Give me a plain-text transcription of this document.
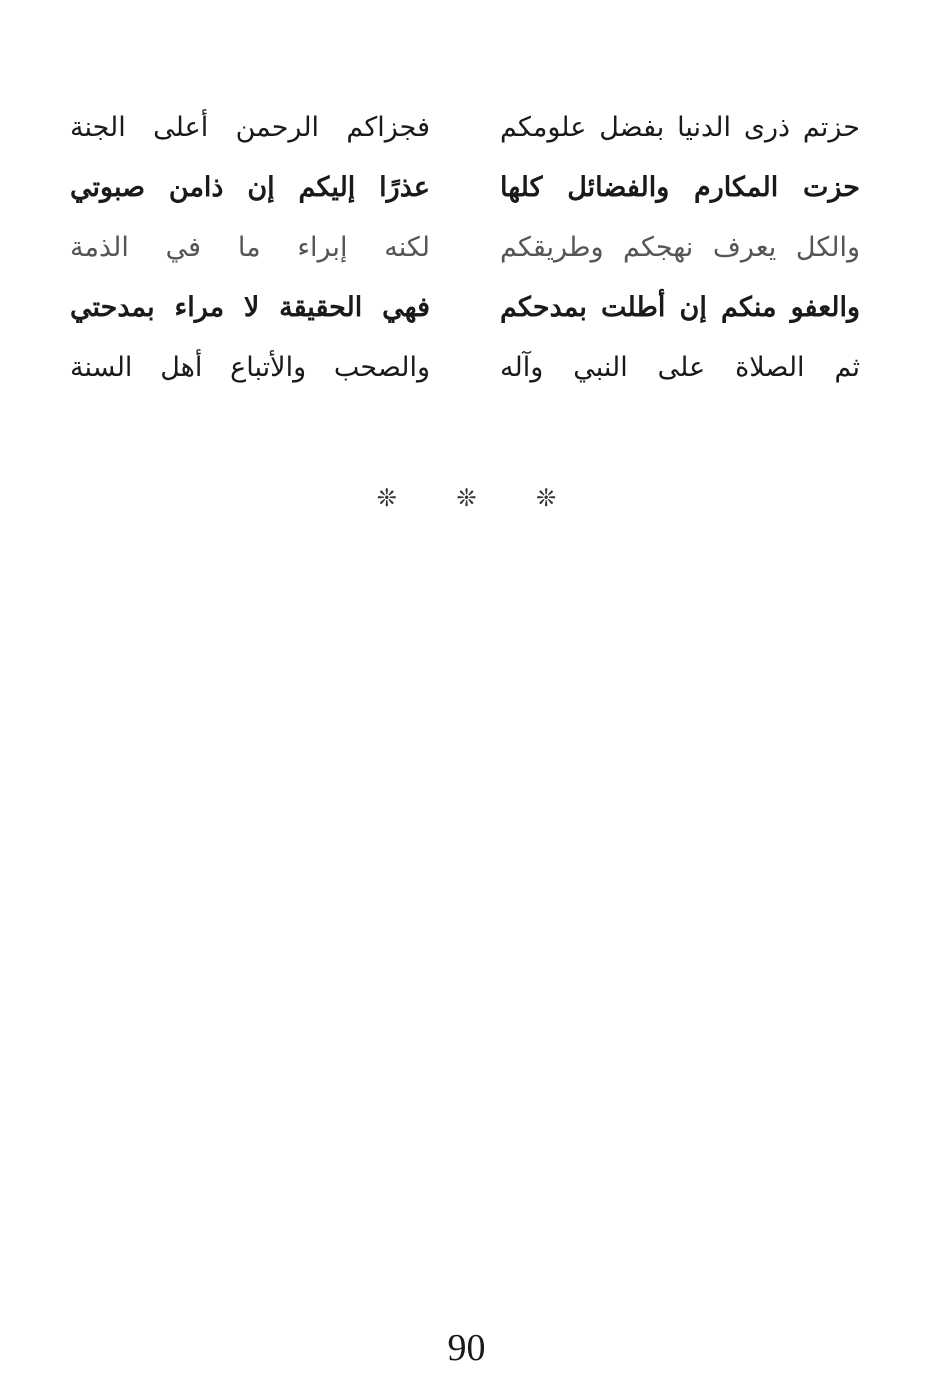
حزتم ذرى الدنيا بفضل علومكم
فجزاكم الرحمن أعلى الجنة
حزت المكارم والفضائل كلها
عذرًا إليكم إن ذامن صبوتي
والكل يعرف نهجكم وطريقكم
لكنه إبراء ما في الذمة
والعفو منكم إن أطلت بمدحكم
فهي الحقيقة لا مراء بمدحتي
ثم الصلاة على النبي وآله
والصحب والأتباع أهل السنة
❊ ❊ ❊
90
